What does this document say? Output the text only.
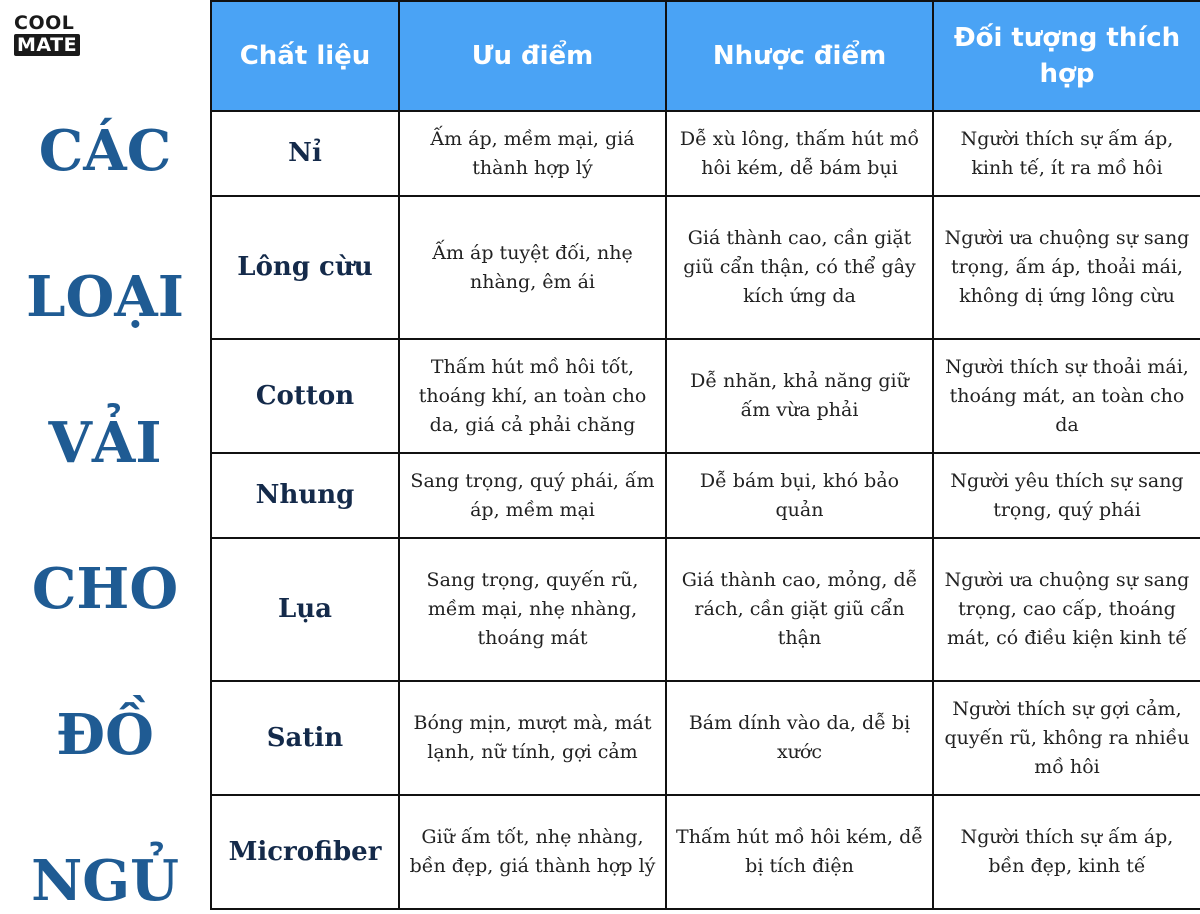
COOL
MATE
CÁC
LOẠI
VẢI
CHO
ĐỒ
NGỦ
Chất liệu	Ưu điểm	Nhược điểm	Đối tượng thích hợp
Nỉ	Ấm áp, mềm mại, giá thành hợp lý	Dễ xù lông, thấm hút mồ hôi kém, dễ bám bụi	Người thích sự ấm áp, kinh tế, ít ra mồ hôi
Lông cừu	Ấm áp tuyệt đối, nhẹ nhàng, êm ái	Giá thành cao, cần giặt giũ cẩn thận, có thể gây kích ứng da	Người ưa chuộng sự sang trọng, ấm áp, thoải mái, không dị ứng lông cừu
Cotton	Thấm hút mồ hôi tốt, thoáng khí, an toàn cho da, giá cả phải chăng	Dễ nhăn, khả năng giữ ấm vừa phải	Người thích sự thoải mái, thoáng mát, an toàn cho da
Nhung	Sang trọng, quý phái, ấm áp, mềm mại	Dễ bám bụi, khó bảo quản	Người yêu thích sự sang trọng, quý phái
Lụa	Sang trọng, quyến rũ, mềm mại, nhẹ nhàng, thoáng mát	Giá thành cao, mỏng, dễ rách, cần giặt giũ cẩn thận	Người ưa chuộng sự sang trọng, cao cấp, thoáng mát, có điều kiện kinh tế
Satin	Bóng mịn, mượt mà, mát lạnh, nữ tính, gợi cảm	Bám dính vào da, dễ bị xước	Người thích sự gợi cảm, quyến rũ, không ra nhiều mồ hôi
Microfiber	Giữ ấm tốt, nhẹ nhàng, bền đẹp, giá thành hợp lý	Thấm hút mồ hôi kém, dễ bị tích điện	Người thích sự ấm áp, bền đẹp, kinh tế
